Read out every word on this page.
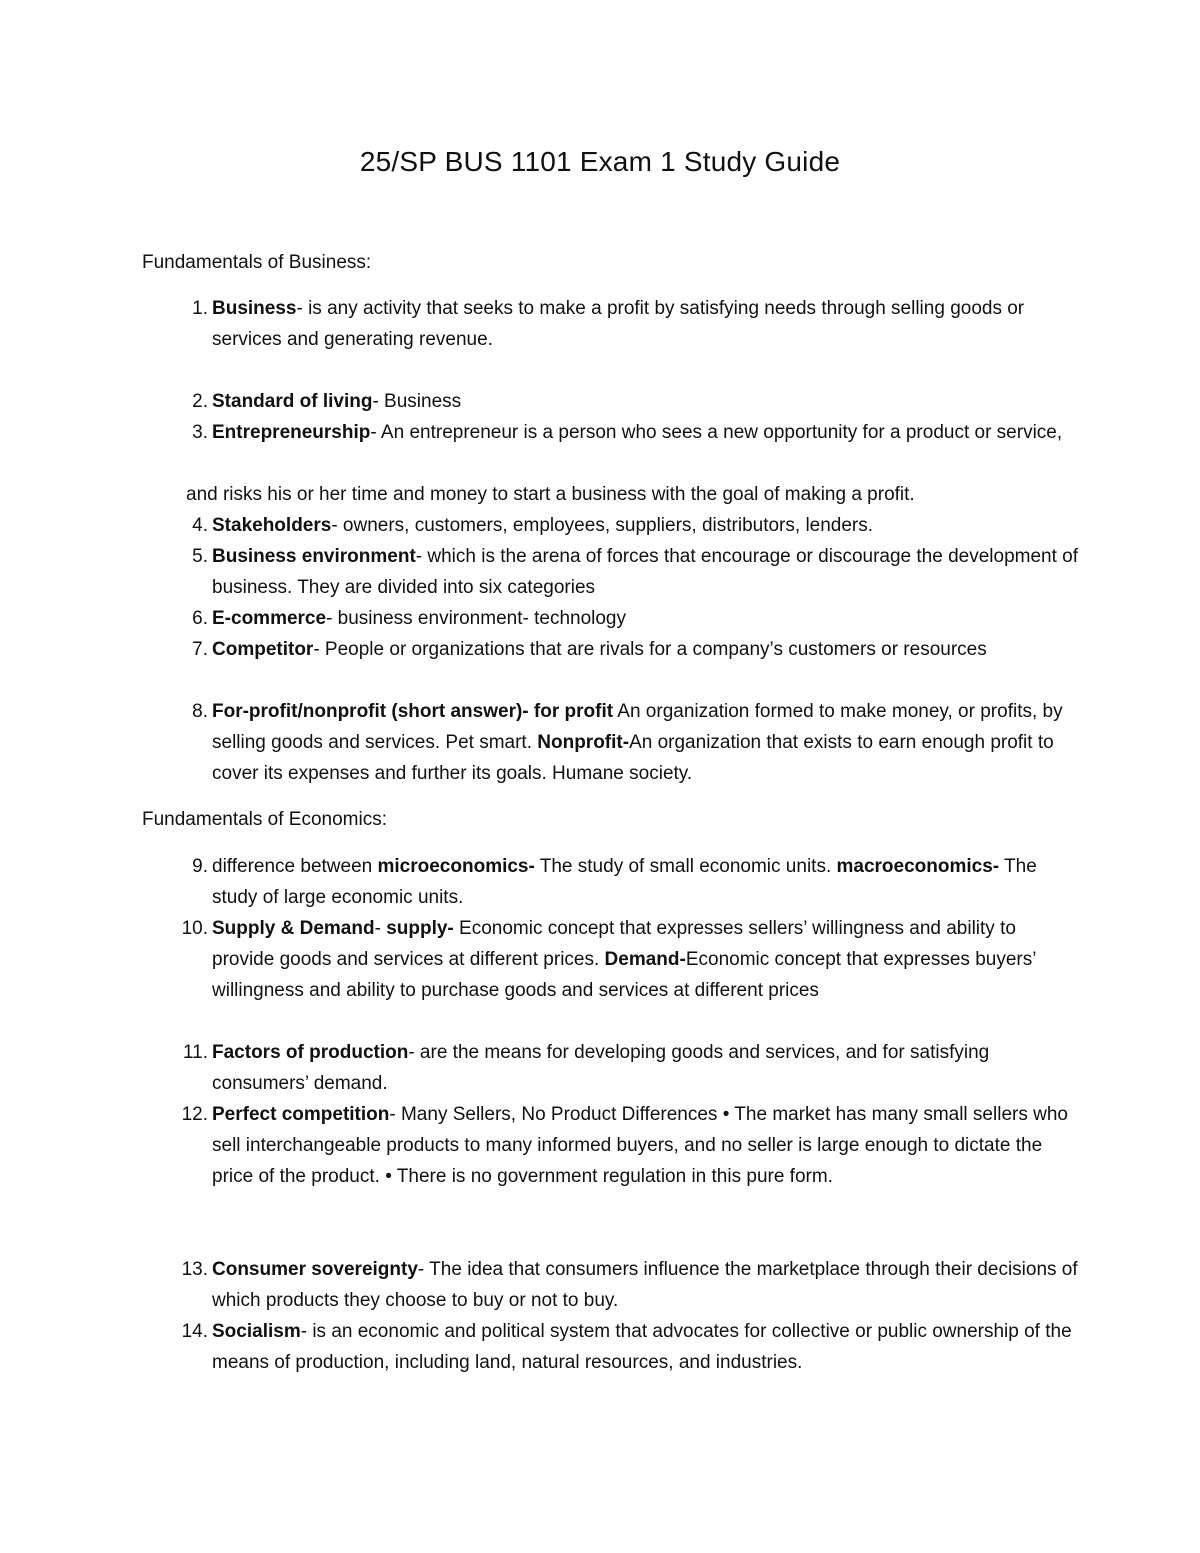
25/SP BUS 1101 Exam 1 Study Guide
Fundamentals of Business:
1. Business- is any activity that seeks to make a profit by satisfying needs through selling goods or services and generating revenue.
2. Standard of living- Business
3. Entrepreneurship- An entrepreneur is a person who sees a new opportunity for a product or service,
and risks his or her time and money to start a business with the goal of making a profit.
4. Stakeholders- owners, customers, employees, suppliers, distributors, lenders.
5. Business environment- which is the arena of forces that encourage or discourage the development of business. They are divided into six categories
6. E-commerce- business environment- technology
7. Competitor- People or organizations that are rivals for a company’s customers or resources
8. For-profit/nonprofit (short answer)- for profit An organization formed to make money, or profits, by selling goods and services. Pet smart. Nonprofit-An organization that exists to earn enough profit to cover its expenses and further its goals. Humane society.
Fundamentals of Economics:
9. difference between microeconomics- The study of small economic units. macroeconomics- The study of large economic units.
10. Supply & Demand- supply- Economic concept that expresses sellers’ willingness and ability to provide goods and services at different prices. Demand-Economic concept that expresses buyers’ willingness and ability to purchase goods and services at different prices
11. Factors of production- are the means for developing goods and services, and for satisfying consumers’ demand.
12. Perfect competition- Many Sellers, No Product Differences • The market has many small sellers who sell interchangeable products to many informed buyers, and no seller is large enough to dictate the price of the product. • There is no government regulation in this pure form.
13. Consumer sovereignty- The idea that consumers influence the marketplace through their decisions of which products they choose to buy or not to buy.
14. Socialism- is an economic and political system that advocates for collective or public ownership of the means of production, including land, natural resources, and industries.
